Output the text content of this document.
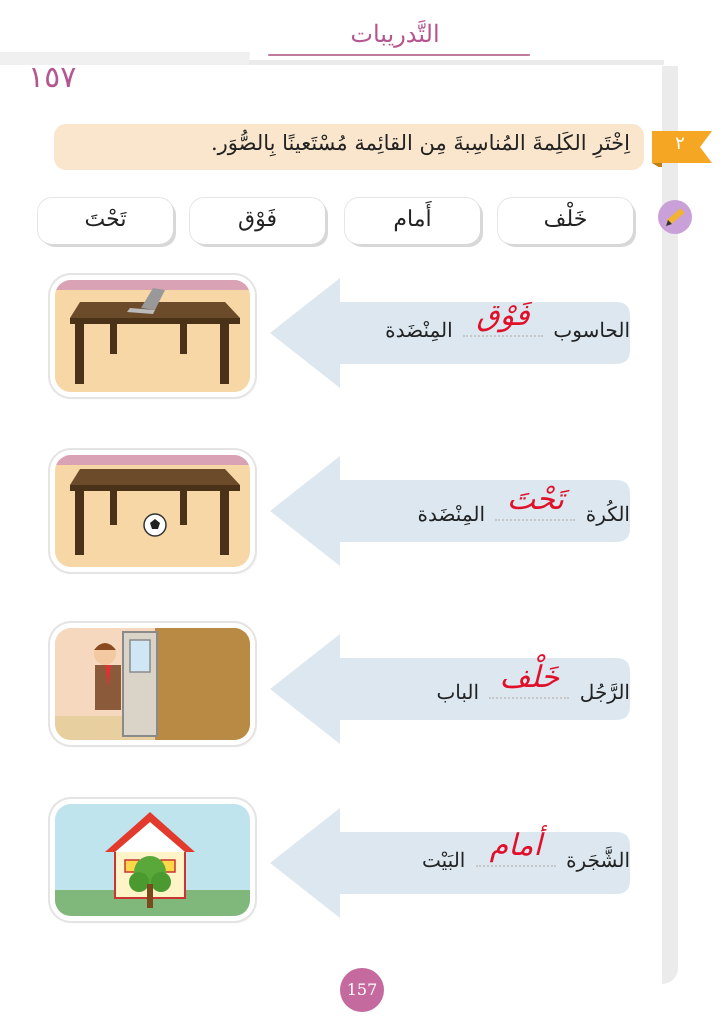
التَّدريبات
١٥٧
اِخْتَرِ الكَلِمةَ المُناسِبةَ مِن القائِمة مُسْتَعينًا بِالصُّوَر.	٢
خَلْف
أَمام
فَوْق
تَحْتَ
الحاسوب
فَوْق
المِنْضَدة
الكُرة
تَحْتَ
المِنْضَدة
الرَّجُل
خَلْف
الباب
الشَّجَرة
أمام
البَيْت
157
